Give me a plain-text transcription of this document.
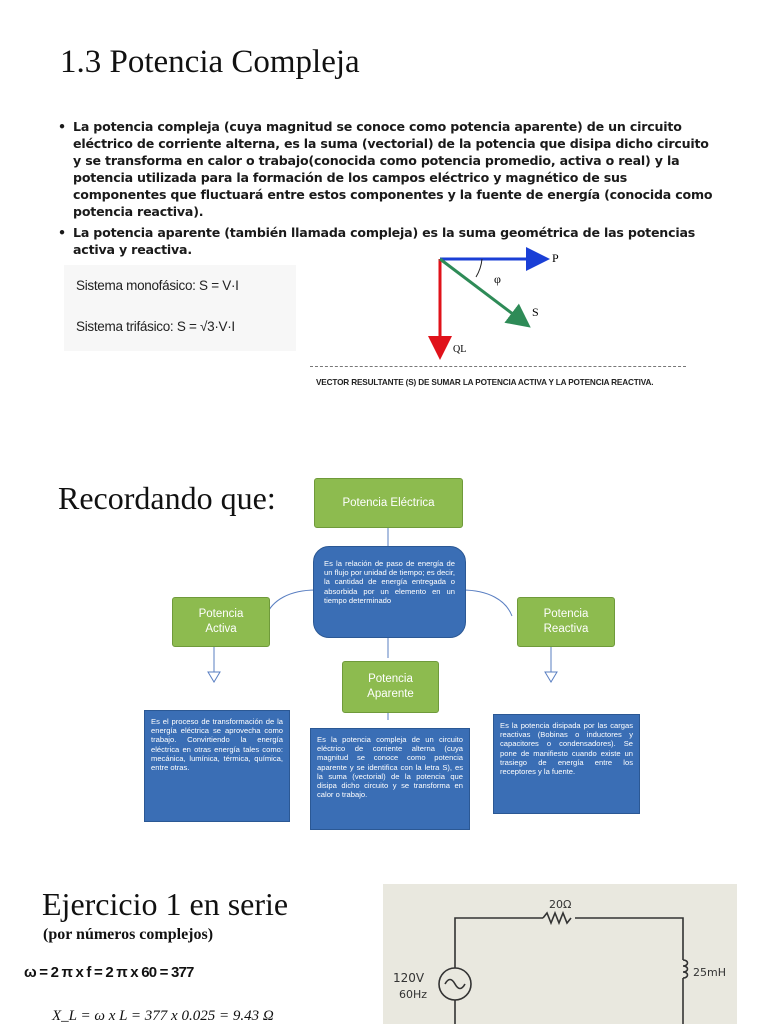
1.3 Potencia Compleja
• La potencia compleja (cuya magnitud se conoce como potencia aparente) de un circuito eléctrico de corriente alterna, es la suma (vectorial) de la potencia que disipa dicho circuito y se transforma en calor o trabajo(conocida como potencia promedio, activa o real) y la potencia utilizada para la formación de los campos eléctrico y magnético de sus componentes que fluctuará entre estos componentes y la fuente de energía (conocida como potencia reactiva).
• La potencia aparente (también llamada compleja) es la suma geométrica de las potencias activa y reactiva.
Sistema monofásico: S = V·I
Sistema trifásico: S = √3·V·I
P
φ
S
QL
VECTOR RESULTANTE (S) DE SUMAR LA POTENCIA ACTIVA Y LA POTENCIA REACTIVA.
Recordando que:	Potencia Eléctrica
Es la relación de paso de energía de un flujo por unidad de tiempo; es decir, la cantidad de energía entregada o absorbida por un elemento en un tiempo determinado
Potencia Activa
Potencia Reactiva
Potencia Aparente
Es el proceso de transformación de la energía eléctrica se aprovecha como trabajo. Convirtiendo la energía eléctrica en otras energía tales como: mecánica, lumínica, térmica, química, entre otras.
Es la potencia compleja de un circuito eléctrico de corriente alterna (cuya magnitud se conoce como potencia aparente y se identifica con la letra S), es la suma (vectorial) de la potencia que disipa dicho circuito y se transforma en calor o trabajo.
Es la potencia disipada por las cargas reactivas (Bobinas o inductores y capacitores o condensadores). Se pone de manifiesto cuando existe un trasiego de energía entre los receptores y la fuente.
Ejercicio 1 en serie
(por números complejos)
ω = 2 π x f = 2 π x 60 = 377
X_L = ω x L = 377 x 0.025 = 9.43 Ω
20Ω
25mH
120V
60Hz
